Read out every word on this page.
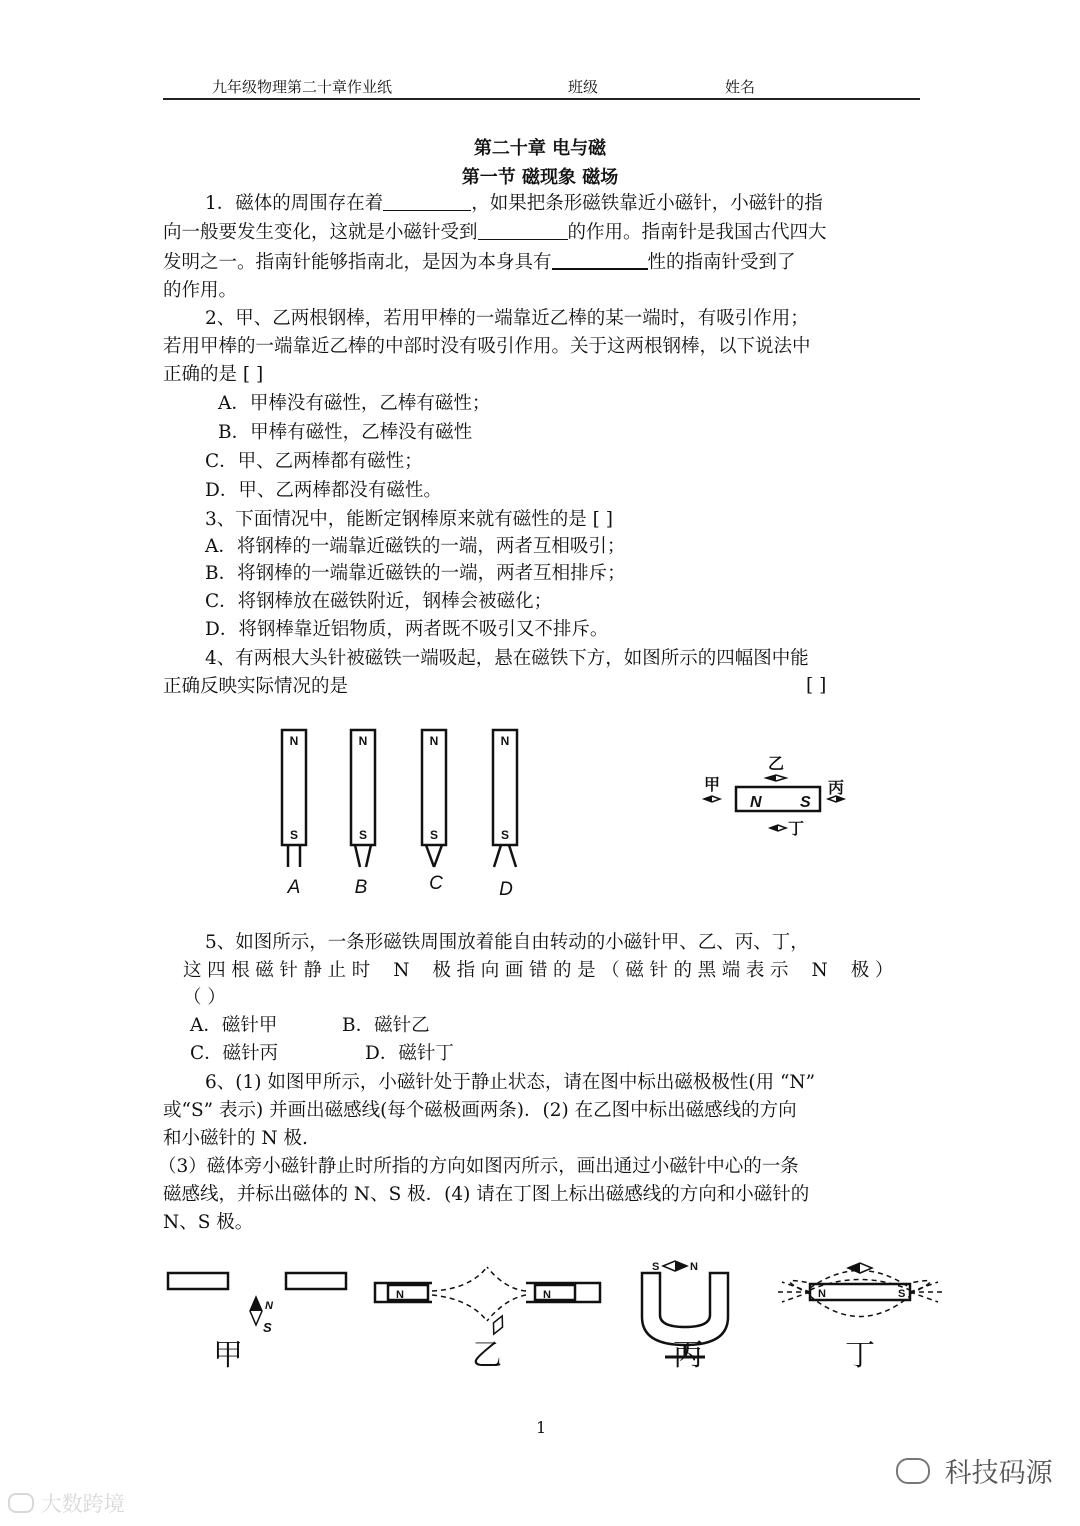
九年级物理第二十章作业纸	班级	姓名
第二十章 电与磁
第一节 磁现象 磁场
1．磁体的周围存在着	，如果把条形磁铁靠近小磁针，小磁针的指
向一般要发生变化，这就是小磁针受到	的作用。指南针是我国古代四大
发明之一。指南针能够指南北，是因为本身具有	性的指南针受到了
的作用。
2、甲、乙两根钢棒，若用甲棒的一端靠近乙棒的某一端时，有吸引作用；
若用甲棒的一端靠近乙棒的中部时没有吸引作用。关于这两根钢棒，以下说法中
正确的是 [ ]
A．甲棒没有磁性，乙棒有磁性；
B．甲棒有磁性，乙棒没有磁性
C．甲、乙两棒都有磁性；
D．甲、乙两棒都没有磁性。
3、下面情况中，能断定钢棒原来就有磁性的是 [ ]
A．将钢棒的一端靠近磁铁的一端，两者互相吸引；
B．将钢棒的一端靠近磁铁的一端，两者互相排斥；
C．将钢棒放在磁铁附近，钢棒会被磁化；
D．将钢棒靠近铝物质，两者既不吸引又不排斥。
4、有两根大头针被磁铁一端吸起，悬在磁铁下方，如图所示的四幅图中能
正确反映实际情况的是	[ ]
N	N	N	N
S	S	S	S
A	B	C	D
N S
乙
甲	丙
丁
5、如图所示，一条形磁铁周围放着能自由转动的小磁针甲、乙、丙、丁，
这四根磁针静止时 N 极指向画错的是（磁针的黑端表示 N 极）
（ ）
A．磁针甲	B．磁针乙
C．磁针丙	D．磁针丁
6、(1) 如图甲所示，小磁针处于静止状态，请在图中标出磁极极性(用 “N”
或“S” 表示) 并画出磁感线(每个磁极画两条)．(2) 在乙图中标出磁感线的方向
和小磁针的 N 极.
（3）磁体旁小磁针静止时所指的方向如图丙所示，画出通过小磁针中心的一条
磁感线，并标出磁体的 N、S 极．(4) 请在丁图上标出磁感线的方向和小磁针的
N、S 极。
N
S
N	N
S	N
N	S
甲	乙	丙	丁
1
大数跨境
科技码源
